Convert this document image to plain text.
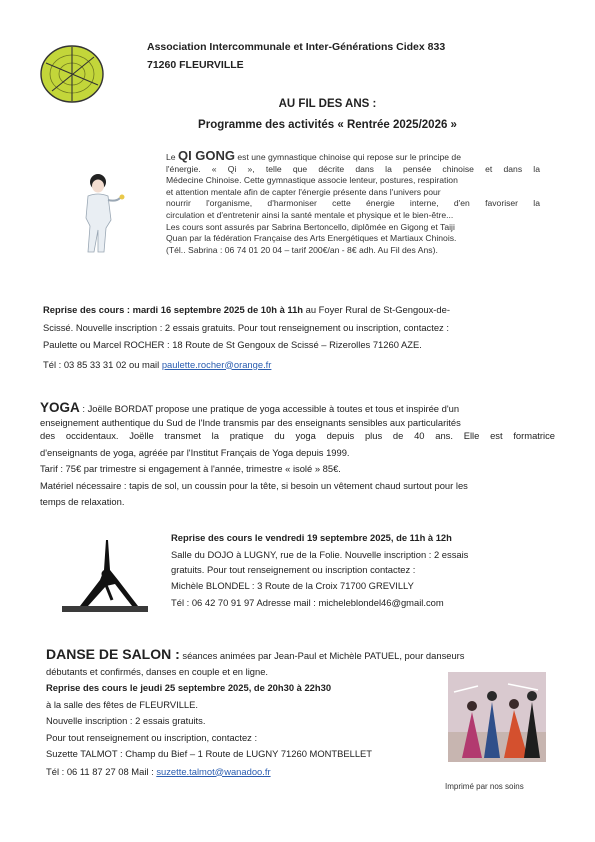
Association Intercommunale et Inter-Générations Cidex 833
71260 FLEURVILLE
AU FIL DES ANS :
Programme des activités « Rentrée 2025/2026 »
Le QI GONG est une gymnastique chinoise qui repose sur le principe de
l'énergie. « Qi », telle que décrite dans la pensée chinoise et dans la
Médecine Chinoise. Cette gymnastique associe lenteur, postures, respiration
et attention mentale afin de capter l'énergie présente dans l'univers pour
nourrir l'organisme, d'harmoniser cette énergie interne, d'en favoriser la
circulation et d'entretenir ainsi la santé mentale et physique et le bien-être...
Les cours sont assurés par Sabrina Bertoncello, diplômée en Gigong et Taiji
Quan par la fédération Française des Arts Energétiques et Martiaux Chinois.
(Tél.. Sabrina : 06 74 01 20 04 – tarif 200€/an - 8€ adh. Au Fil des Ans).
Reprise des cours : mardi 16 septembre 2025 de 10h à 11h au Foyer Rural de St-Gengoux-de-
Scissé. Nouvelle inscription : 2 essais gratuits. Pour tout renseignement ou inscription, contactez :
Paulette ou Marcel ROCHER : 18 Route de St Gengoux de Scissé – Rizerolles 71260 AZE.
Tél : 03 85 33 31 02 ou mail paulette.rocher@orange.fr
YOGA : Joëlle BORDAT propose une pratique de yoga accessible à toutes et tous et inspirée d'un
enseignement authentique du Sud de l'Inde transmis par des enseignants sensibles aux particularités
des occidentaux. Joëlle transmet la pratique du yoga depuis plus de 40 ans. Elle est formatrice
d'enseignants de yoga, agréée par l'Institut Français de Yoga depuis 1999.
Tarif : 75€ par trimestre si engagement à l'année, trimestre « isolé » 85€.
Matériel nécessaire : tapis de sol, un coussin pour la tête, si besoin un vêtement chaud surtout pour les
temps de relaxation.
Reprise des cours le vendredi 19 septembre 2025, de 11h à 12h
Salle du DOJO à LUGNY, rue de la Folie. Nouvelle inscription : 2 essais
gratuits. Pour tout renseignement ou inscription contactez :
Michèle BLONDEL : 3 Route de la Croix 71700 GREVILLY
Tél : 06 42 70 91 97 Adresse mail : micheleblondel46@gmail.com
DANSE DE SALON : séances animées par Jean-Paul et Michèle PATUEL, pour danseurs
débutants et confirmés, danses en couple et en ligne.
Reprise des cours le jeudi 25 septembre 2025, de 20h30 à 22h30
à la salle des fêtes de FLEURVILLE.
Nouvelle inscription : 2 essais gratuits.
Pour tout renseignement ou inscription, contactez :
Suzette TALMOT : Champ du Bief – 1 Route de LUGNY 71260 MONTBELLET
Tél : 06 11 87 27 08 Mail : suzette.talmot@wanadoo.fr
Imprimé par nos soins
